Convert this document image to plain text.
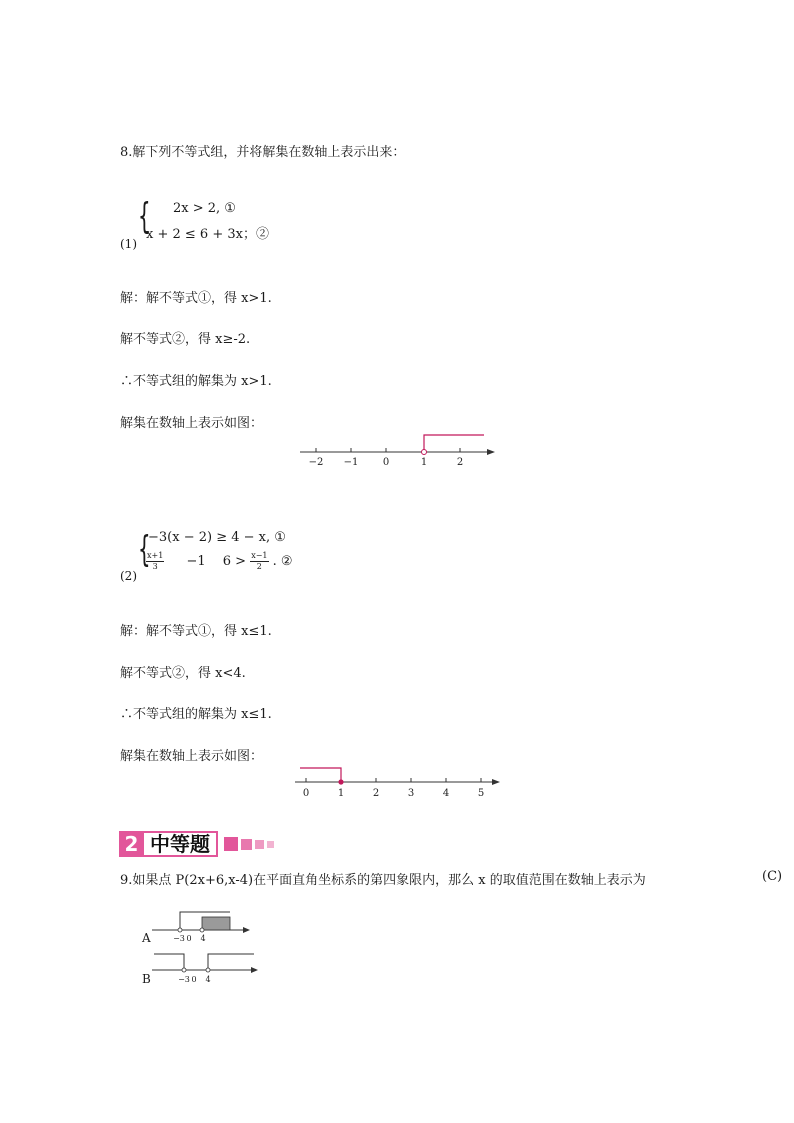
8.解下列不等式组，并将解集在数轴上表示出来：
{ 2x > 2, ①
x + 2 ≤ 6 + 3x；②
(1)
解：解不等式①，得 x>1.
解不等式②，得 x≥-2.
∴不等式组的解集为 x>1.
解集在数轴上表示如图：
−2 −1 0	1	2
{
−3(x − 2) ≥ 4 − x, ①
$\frac{x+1}{3} -1$　 $6 > \frac{x-1}{2}$ . ②
(2)
解：解不等式①，得 x≤1.
解不等式②，得 x<4.
∴不等式组的解集为 x≤1.
解集在数轴上表示如图：
0	1	2	3	4	5
2 中等题
9.如果点 P(2x+6,x-4)在平面直角坐标系的第四象限内，那么 x 的取值范围在数轴上表示为	(C)
A	−3 0 4
B	−3 0 4
